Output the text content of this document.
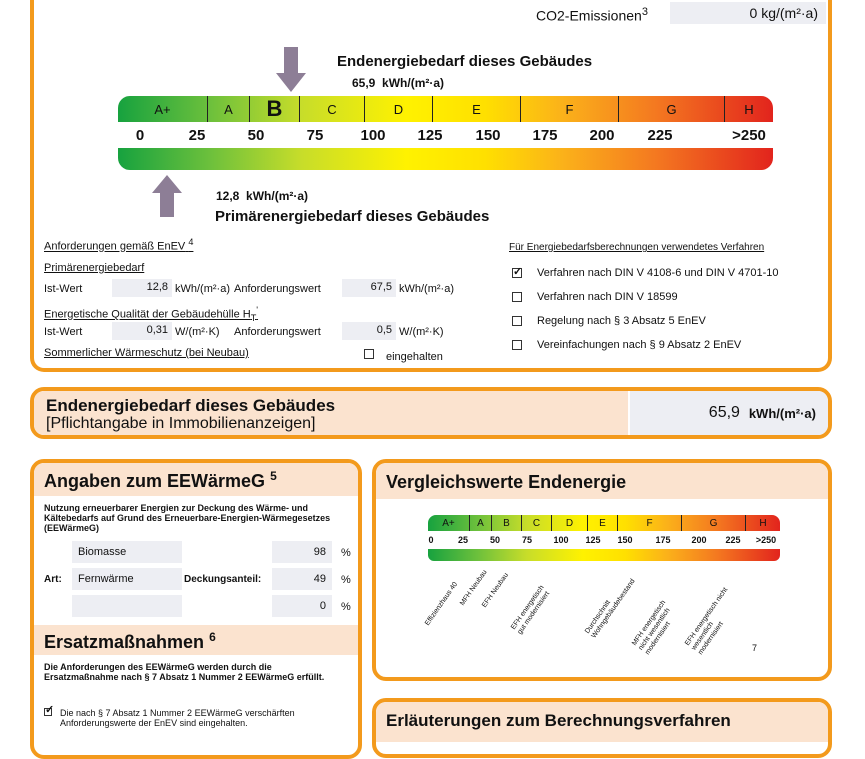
CO2-Emissionen$^3$	0 kg/(m²·a)
Endenergiebedarf dieses Gebäudes
65,9 kWh/(m²·a)
A+	A	B	C	D	E	F	G	H
0	25	50	75 100 125 150 175 200 225	>250
12,8 kWh/(m²·a)
Primärenergiebedarf dieses Gebäudes
Anforderungen gemäß EnEV $^4$
Primärenergiebedarf
Ist-Wert	12,8 kWh/(m²·a) Anforderungswert	67,5 kWh/(m²·a)
Energetische Qualität der Gebäudehülle $H_T'$
Ist-Wert	0,31 W/(m²·K) Anforderungswert	0,5 W/(m²·K)
Sommerlicher Wärmeschutz (bei Neubau)	eingehalten
Für Energiebedarfsberechnungen verwendetes Verfahren
✓Verfahren nach DIN V 4108-6 und DIN V 4701-10
Verfahren nach DIN V 18599
Regelung nach § 3 Absatz 5 EnEV
Vereinfachungen nach § 9 Absatz 2 EnEV
Endenergiebedarf dieses Gebäudes
[Pflichtangabe in Immobilienanzeigen]
65,9
kWh/(m²·a)
Angaben zum EEWärmeG $^5$
Nutzung erneuerbarer Energien zur Deckung des Wärme- und Kältebedarfs auf Grund des Erneuerbare-Energien-Wärmegesetzes (EEWärmeG)
Biomasse	98	%
Art:	Fernwärme	Deckungsanteil:	49	%
0	%
Ersatzmaßnahmen $^6$
Die Anforderungen des EEWärmeG werden durch die Ersatzmaßnahme nach § 7 Absatz 1 Nummer 2 EEWärmeG erfüllt.
✓
Die nach § 7 Absatz 1 Nummer 2 EEWärmeG verschärften Anforderungswerte der EnEV sind eingehalten.
Vergleichswerte Endenergie
A+	A	B	C	D	E	F	G	H
0	25 50 75 100 125 150	175 200 225 >250
Effizienzhaus 40 MFH Neubau
EFH Neubau EFH energetisch gut modernisiert	Durchschnitt Wohngebäudebestand
MFH energetisch nicht wesentlich modernisiert	EFH energetisch nicht wesentlich modernisiert	7
Erläuterungen zum Berechnungsverfahren
